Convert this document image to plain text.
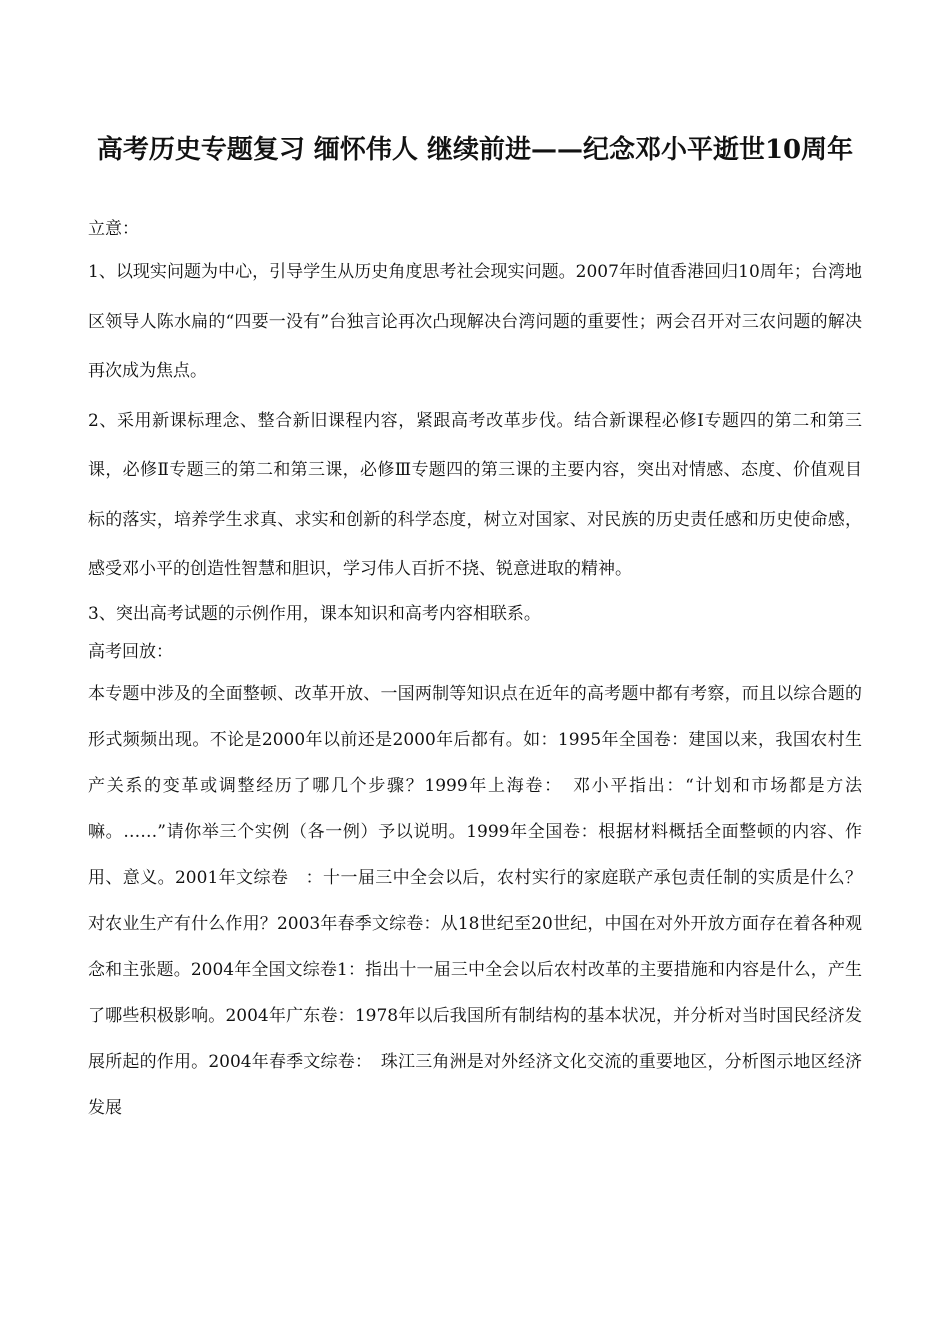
高考历史专题复习 缅怀伟人 继续前进——纪念邓小平逝世10周年

立意：

1、以现实问题为中心，引导学生从历史角度思考社会现实问题。2007年时值香港回归10周年；台湾地区领导人陈水扁的“四要一没有”台独言论再次凸现解决台湾问题的重要性；两会召开对三农问题的解决再次成为焦点。

2、采用新课标理念、整合新旧课程内容，紧跟高考改革步伐。结合新课程必修Ⅰ专题四的第二和第三课，必修Ⅱ专题三的第二和第三课，必修Ⅲ专题四的第三课的主要内容，突出对情感、态度、价值观目标的落实，培养学生求真、求实和创新的科学态度，树立对国家、对民族的历史责任感和历史使命感，感受邓小平的创造性智慧和胆识，学习伟人百折不挠、锐意进取的精神。

3、突出高考试题的示例作用，课本知识和高考内容相联系。

高考回放：

本专题中涉及的全面整顿、改革开放、一国两制等知识点在近年的高考题中都有考察，而且以综合题的形式频频出现。不论是2000年以前还是2000年后都有。如：1995年全国卷：建国以来，我国农村生产关系的变革或调整经历了哪几个步骤？1999年上海卷：　邓小平指出：“计划和市场都是方法嘛。……”请你举三个实例（各一例）予以说明。1999年全国卷：根据材料概括全面整顿的内容、作用、意义。2001年文综卷　：十一届三中全会以后，农村实行的家庭联产承包责任制的实质是什么？对农业生产有什么作用？2003年春季文综卷：从18世纪至20世纪，中国在对外开放方面存在着各种观念和主张题。2004年全国文综卷1：指出十一届三中全会以后农村改革的主要措施和内容是什么，产生了哪些积极影响。2004年广东卷：1978年以后我国所有制结构的基本状况，并分析对当时国民经济发展所起的作用。2004年春季文综卷：　珠江三角洲是对外经济文化交流的重要地区，分析图示地区经济发展
